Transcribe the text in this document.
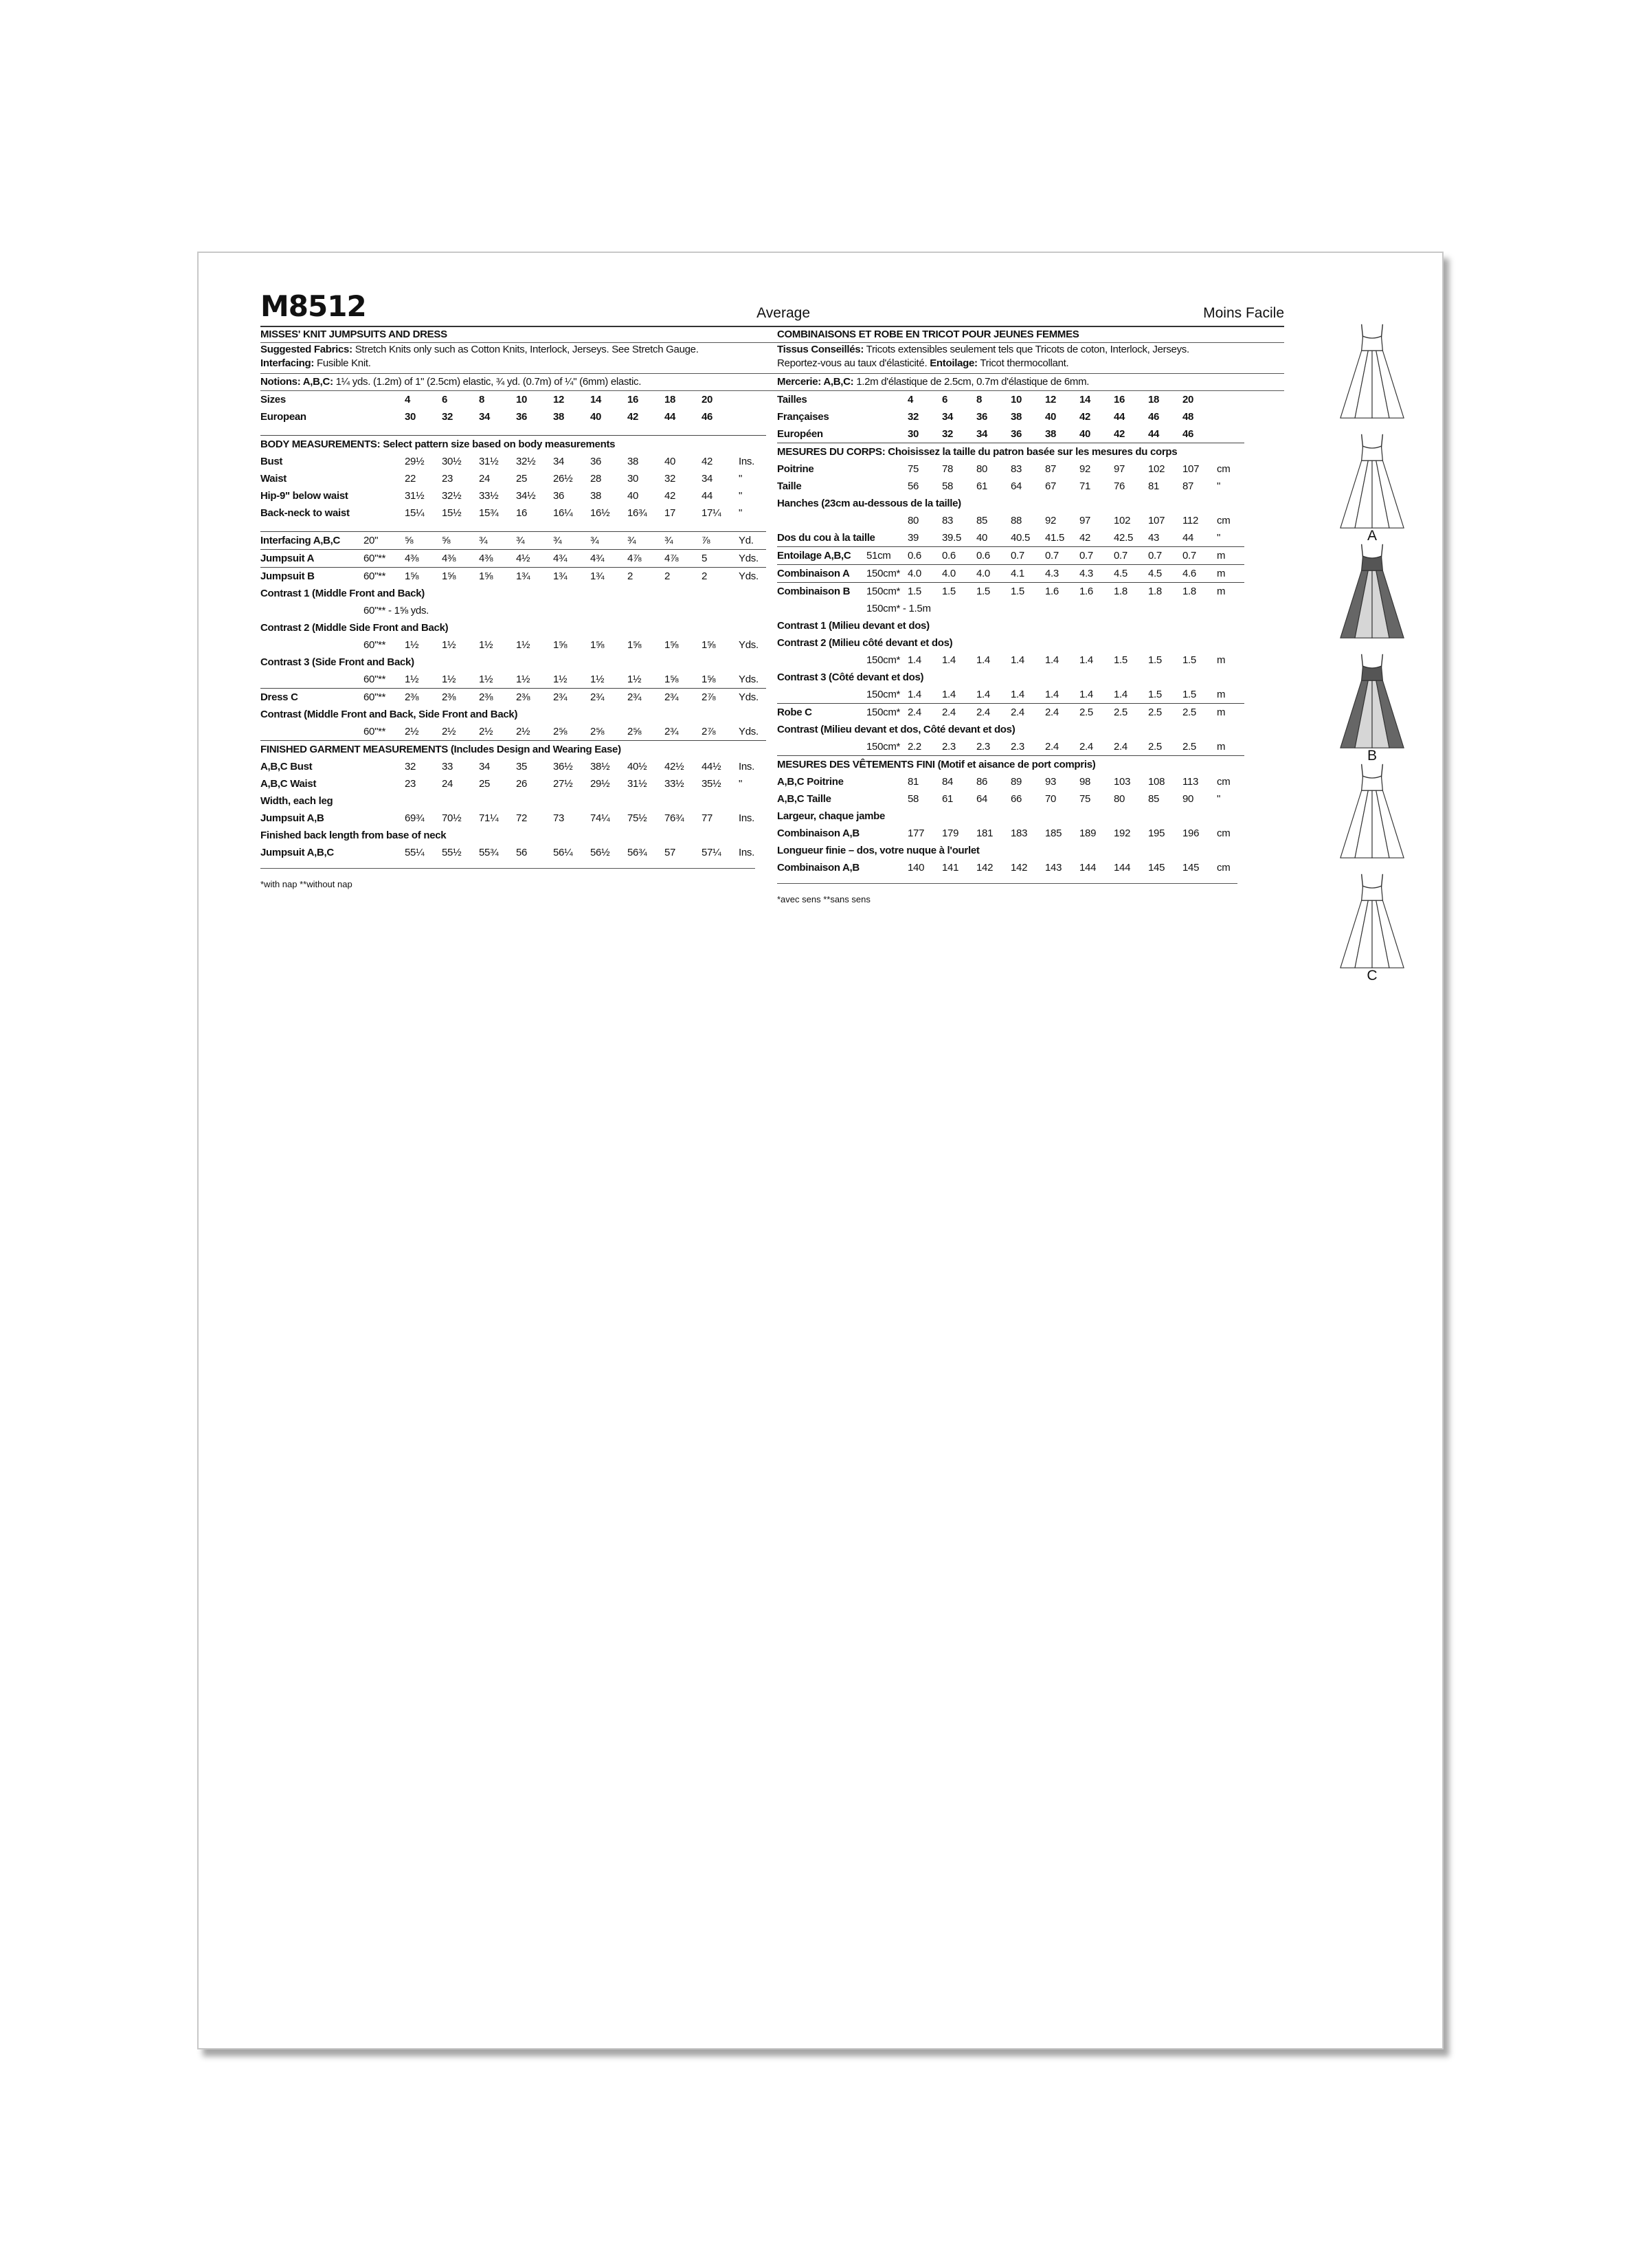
M8512	Average
MISSES' KNIT JUMPSUITS AND DRESS
Suggested Fabrics: Stretch Knits only such as Cotton Knits, Interlock, Jerseys. See Stretch Gauge.
Interfacing: Fusible Knit.
Notions: A,B,C: 1¼ yds. (1.2m) of 1" (2.5cm) elastic, ¾ yd. (0.7m) of ¼" (6mm) elastic.
Sizes		4	6	8	10	12	14	16	18	20	
European		30	32	34	36	38	40	42	44	46	

BODY MEASUREMENTS: Select pattern size based on body measurements											
Bust		29½	30½	31½	32½	34	36	38	40	42	Ins.
Waist		22	23	24	25	26½	28	30	32	34	"
Hip-9" below waist		31½	32½	33½	34½	36	38	40	42	44	"
Back-neck to waist		15¼	15½	15¾	16	16¼	16½	16¾	17	17¼	"

Interfacing A,B,C	20"	⅝	⅝	¾	¾	¾	¾	¾	¾	⅞	Yd.
Jumpsuit A	60"**	4⅜	4⅜	4⅜	4½	4¾	4¾	4⅞	4⅞	5	Yds.
Jumpsuit B	60"**	1⅝	1⅝	1⅝	1¾	1¾	1¾	2	2	2	Yds.
Contrast 1 (Middle Front and Back)											
	60"** - 1⅝ yds.										
Contrast 2 (Middle Side Front and Back)											
	60"**	1½	1½	1½	1½	1⅝	1⅝	1⅝	1⅝	1⅝	Yds.
Contrast 3 (Side Front and Back)											
	60"**	1½	1½	1½	1½	1½	1½	1½	1⅝	1⅝	Yds.
Dress C	60"**	2⅜	2⅜	2⅜	2⅜	2¾	2¾	2¾	2¾	2⅞	Yds.
Contrast (Middle Front and Back, Side Front and Back)											
	60"**	2½	2½	2½	2½	2⅝	2⅝	2⅝	2¾	2⅞	Yds.
FINISHED GARMENT MEASUREMENTS (Includes Design and Wearing Ease)											
A,B,C Bust		32	33	34	35	36½	38½	40½	42½	44½	Ins.
A,B,C Waist		23	24	25	26	27½	29½	31½	33½	35½	"
Width, each leg											
Jumpsuit A,B		69¾	70½	71¼	72	73	74¼	75½	76¾	77	Ins.
Finished back length from base of neck											
Jumpsuit A,B,C		55¼	55½	55¾	56	56¼	56½	56¾	57	57¼	Ins.
*with nap **without nap
Moins Facile
COMBINAISONS ET ROBE EN TRICOT POUR JEUNES FEMMES
Tissus Conseillés: Tricots extensibles seulement tels que Tricots de coton, Interlock, Jerseys.
Reportez-vous au taux d'élasticité. Entoilage: Tricot thermocollant.
Mercerie: A,B,C: 1.2m d'élastique de 2.5cm, 0.7m d'élastique de 6mm.
Tailles		4	6	8	10	12	14	16	18	20	
Françaises		32	34	36	38	40	42	44	46	48	
Européen		30	32	34	36	38	40	42	44	46	
MESURES DU CORPS: Choisissez la taille du patron basée sur les mesures du corps											
Poitrine		75	78	80	83	87	92	97	102	107	cm
Taille		56	58	61	64	67	71	76	81	87	"
Hanches (23cm au-dessous de la taille)											
		80	83	85	88	92	97	102	107	112	cm
Dos du cou à la taille		39	39.5	40	40.5	41.5	42	42.5	43	44	"
Entoilage A,B,C	51cm	0.6	0.6	0.6	0.7	0.7	0.7	0.7	0.7	0.7	m
Combinaison A	150cm*	4.0	4.0	4.0	4.1	4.3	4.3	4.5	4.5	4.6	m
Combinaison B	150cm*	1.5	1.5	1.5	1.5	1.6	1.6	1.8	1.8	1.8	m
	150cm* - 1.5m										
Contrast 1 (Milieu devant et dos)											
Contrast 2 (Milieu côté devant et dos)											
	150cm*	1.4	1.4	1.4	1.4	1.4	1.4	1.5	1.5	1.5	m
Contrast 3 (Côté devant et dos)											
	150cm*	1.4	1.4	1.4	1.4	1.4	1.4	1.4	1.5	1.5	m
Robe C	150cm*	2.4	2.4	2.4	2.4	2.4	2.5	2.5	2.5	2.5	m
Contrast (Milieu devant et dos, Côté devant et dos)											
	150cm*	2.2	2.3	2.3	2.3	2.4	2.4	2.4	2.5	2.5	m
MESURES DES VÊTEMENTS FINI (Motif et aisance de port compris)											
A,B,C Poitrine		81	84	86	89	93	98	103	108	113	cm
A,B,C Taille		58	61	64	66	70	75	80	85	90	"
Largeur, chaque jambe											
Combinaison A,B		177	179	181	183	185	189	192	195	196	cm
Longueur finie – dos, votre nuque à l'ourlet											
Combinaison A,B		140	141	142	142	143	144	144	145	145	cm
*avec sens **sans sens
A
B
C
